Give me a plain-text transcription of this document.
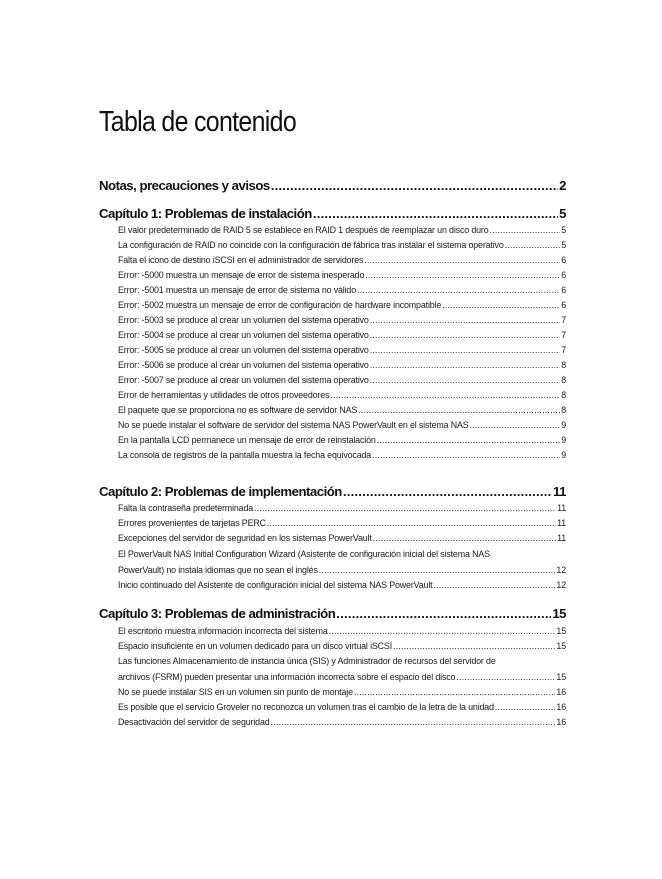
Tabla de contenido
Notas, precauciones y avisos .....	2
Capítulo 1: Problemas de instalación .....	5
El valor predeterminado de RAID 5 se establece en RAID 1 después de reemplazar un disco duro .....	5
La configuración de RAID no coincide con la configuración de fábrica tras instalar el sistema operativo .....	5
Falta el icono de destino iSCSI en el administrador de servidores .....	6
Error: -5000 muestra un mensaje de error de sistema inesperado .....	6
Error: -5001 muestra un mensaje de error de sistema no válido .....	6
Error: -5002 muestra un mensaje de error de configuración de hardware incompatible .....	6
Error: -5003 se produce al crear un volumen del sistema operativo .....	7
Error: -5004 se produce al crear un volumen del sistema operativo .....	7
Error: -5005 se produce al crear un volumen del sistema operativo .....	7
Error: -5006 se produce al crear un volumen del sistema operativo .....	8
Error: -5007 se produce al crear un volumen del sistema operativo .....	8
Error de herramientas y utilidades de otros proveedores .....	8
El paquete que se proporciona no es software de servidor NAS .....	8
No se puede instalar el software de servidor del sistema NAS PowerVault en el sistema NAS .....	9
En la pantalla LCD permanece un mensaje de error de reinstalación .....	9
La consola de registros de la pantalla muestra la fecha equivocada .....	9
Capítulo 2: Problemas de implementación .....	11
Falta la contraseña predeterminada .....	11
Errores provenientes de tarjetas PERC .....	11
Excepciones del servidor de seguridad en los sistemas PowerVault .....	11
El PowerVault NAS Initial Configuration Wizard (Asistente de configuración inicial del sistema NAS
PowerVault) no instala idiomas que no sean el inglés .....	12
Inicio continuado del Asistente de configuración inicial del sistema NAS PowerVault .....	12
Capítulo 3: Problemas de administración .....	15
El escritorio muestra información incorrecta del sistema .....	15
Espacio insuficiente en un volumen dedicado para un disco virtual iSCSI .....	15
Las funciones Almacenamiento de instancia única (SIS) y Administrador de recursos del servidor de
archivos (FSRM) pueden presentar una información incorrecta sobre el espacio del disco .....	15
No se puede instalar SIS en un volumen sin punto de montaje .....	16
Es posible que el servicio Groveler no reconozca un volumen tras el cambio de la letra de la unidad .....	16
Desactivación del servidor de seguridad .....	16
